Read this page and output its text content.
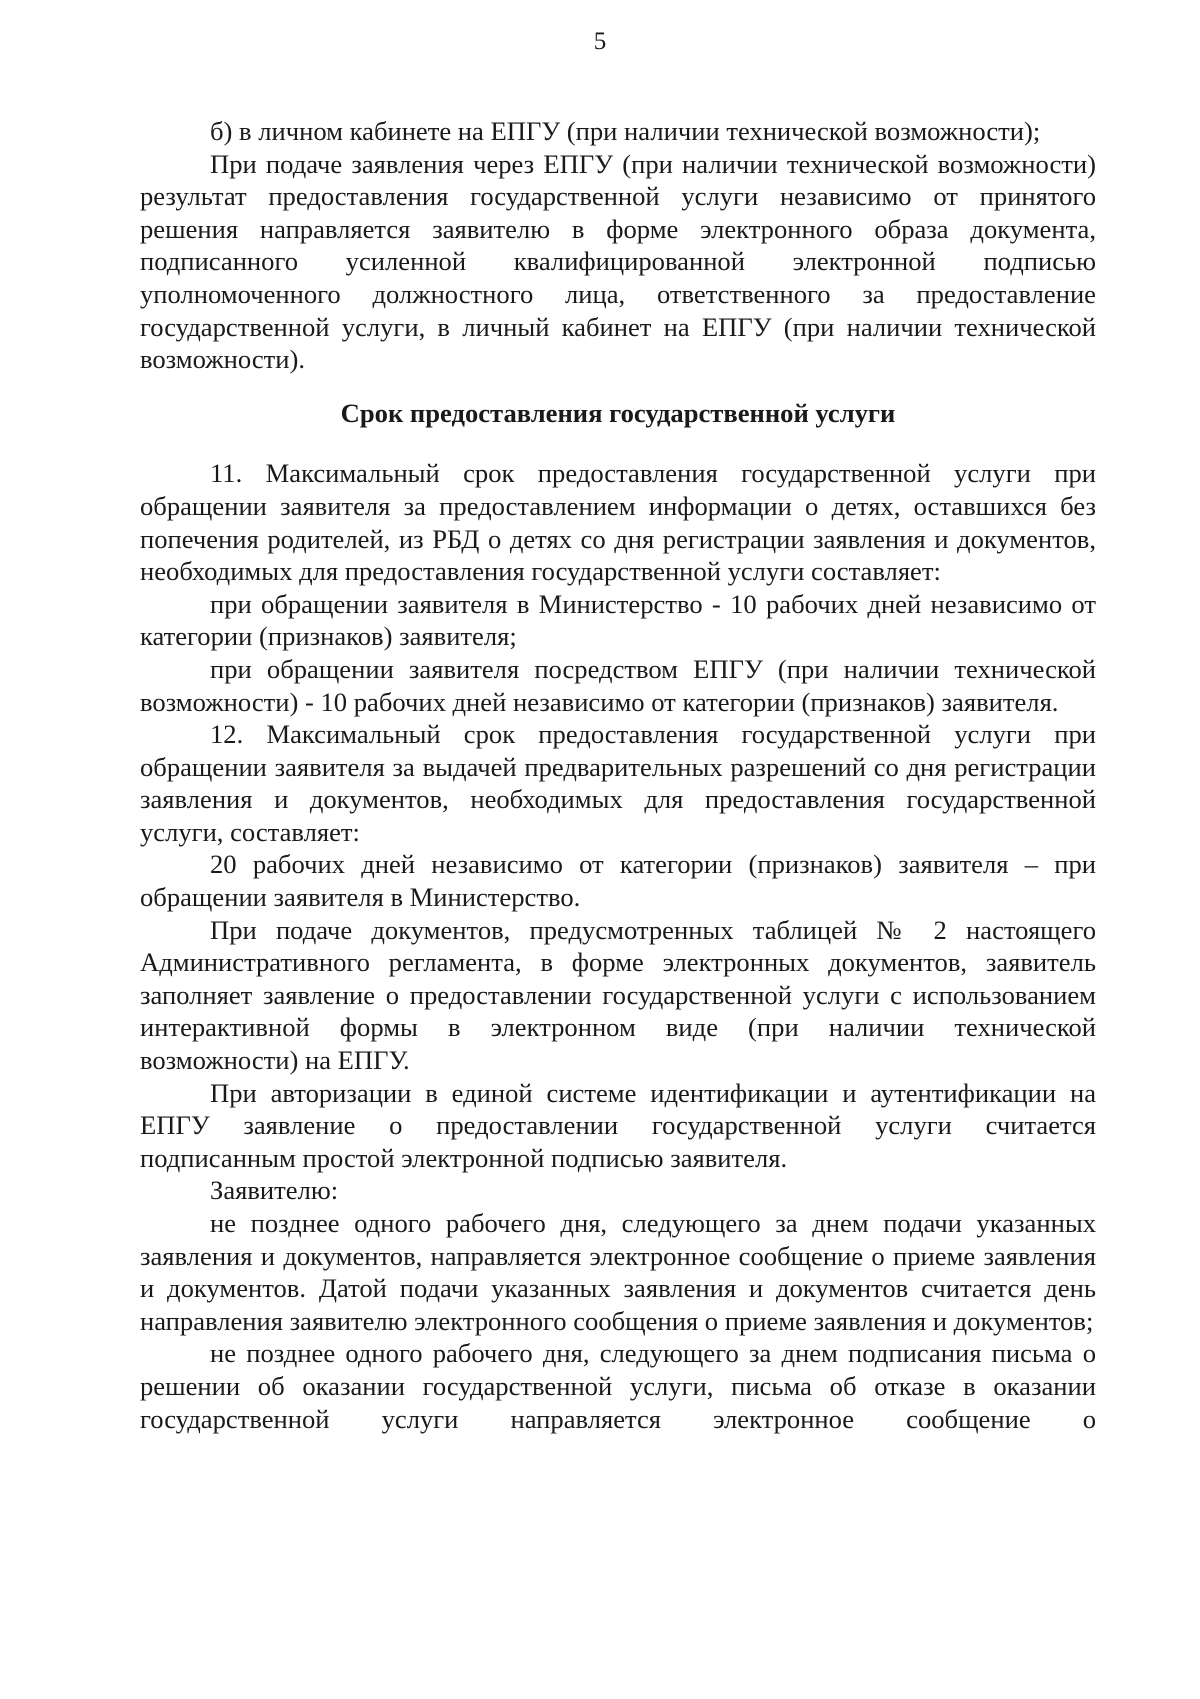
5

б) в личном кабинете на ЕПГУ (при наличии технической возможности);

При подаче заявления через ЕПГУ (при наличии технической возможности) результат предоставления государственной услуги независимо от принятого решения направляется заявителю в форме электронного образа документа, подписанного усиленной квалифицированной электронной подписью уполномоченного должностного лица, ответственного за предоставление государственной услуги, в личный кабинет на ЕПГУ (при наличии технической возможности).

Срок предоставления государственной услуги

11. Максимальный срок предоставления государственной услуги при обращении заявителя за предоставлением информации о детях, оставшихся без попечения родителей, из РБД о детях со дня регистрации заявления и документов, необходимых для предоставления государственной услуги составляет:

при обращении заявителя в Министерство - 10 рабочих дней независимо от категории (признаков) заявителя;

при обращении заявителя посредством ЕПГУ (при наличии технической возможности) - 10 рабочих дней независимо от категории (признаков) заявителя.

12. Максимальный срок предоставления государственной услуги при обращении заявителя за выдачей предварительных разрешений со дня регистрации заявления и документов, необходимых для предоставления государственной услуги, составляет:

20 рабочих дней независимо от категории (признаков) заявителя – при обращении заявителя в Министерство.

При подаче документов, предусмотренных таблицей № 2 настоящего Административного регламента, в форме электронных документов, заявитель заполняет заявление о предоставлении государственной услуги с использованием интерактивной формы в электронном виде (при наличии технической возможности) на ЕПГУ.

При авторизации в единой системе идентификации и аутентификации на ЕПГУ заявление о предоставлении государственной услуги считается подписанным простой электронной подписью заявителя.

Заявителю:

не позднее одного рабочего дня, следующего за днем подачи указанных заявления и документов, направляется электронное сообщение о приеме заявления и документов. Датой подачи указанных заявления и документов считается день направления заявителю электронного сообщения о приеме заявления и документов;

не позднее одного рабочего дня, следующего за днем подписания письма о решении об оказании государственной услуги, письма об отказе в оказании государственной услуги направляется электронное сообщение о
